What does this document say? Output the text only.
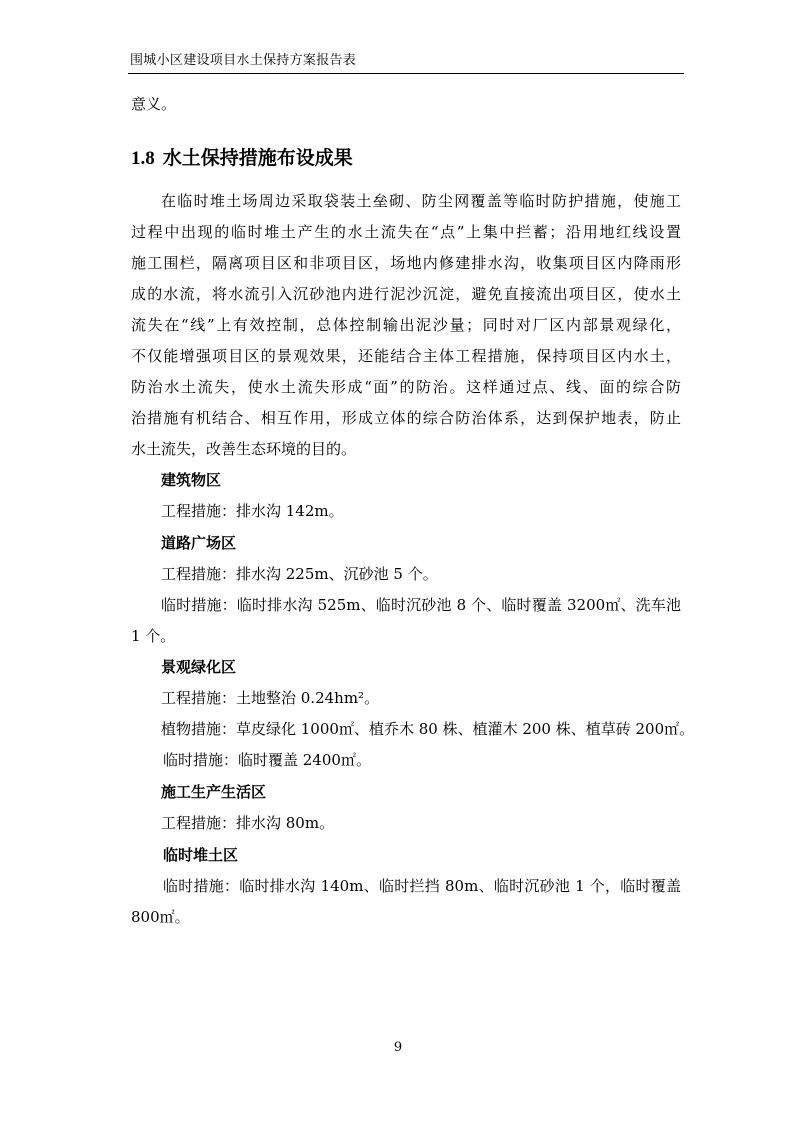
围城小区建设项目水土保持方案报告表
意义。
1.8 水土保持措施布设成果
在临时堆土场周边采取袋装土垒砌、防尘网覆盖等临时防护措施，使施工
过程中出现的临时堆土产生的水土流失在“点”上集中拦蓄；沿用地红线设置
施工围栏，隔离项目区和非项目区，场地内修建排水沟，收集项目区内降雨形
成的水流，将水流引入沉砂池内进行泥沙沉淀，避免直接流出项目区，使水土
流失在“线”上有效控制，总体控制输出泥沙量；同时对厂区内部景观绿化，
不仅能增强项目区的景观效果，还能结合主体工程措施，保持项目区内水土，
防治水土流失，使水土流失形成“面”的防治。这样通过点、线、面的综合防
治措施有机结合、相互作用，形成立体的综合防治体系，达到保护地表，防止
水土流失，改善生态环境的目的。
建筑物区
工程措施：排水沟 142m。
道路广场区
工程措施：排水沟 225m、沉砂池 5 个。
临时措施：临时排水沟 525m、临时沉砂池 8 个、临时覆盖 3200㎡、洗车池
1 个。
景观绿化区
工程措施：土地整治 0.24hm²。
植物措施：草皮绿化 1000㎡、植乔木 80 株、植灌木 200 株、植草砖 200㎡。
临时措施：临时覆盖 2400㎡。
施工生产生活区
工程措施：排水沟 80m。
临时堆土区
临时措施：临时排水沟 140m、临时拦挡 80m、临时沉砂池 1 个，临时覆盖
800㎡。
9
